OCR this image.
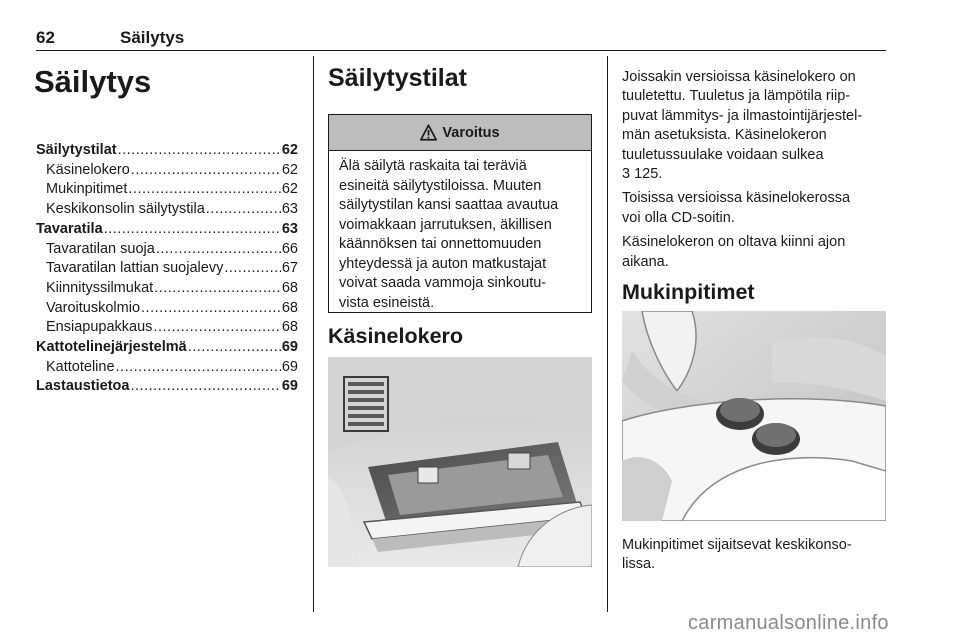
62	Säilytys
Säilytys
Säilytystilat .....	62
Käsinelokero .....	62
Mukinpitimet .....	62
Keskikonsolin säilytystila .....	63
Tavaratila .....	63
Tavaratilan suoja .....	66
Tavaratilan lattian suojalevy .....	67
Kiinnityssilmukat .....	68
Varoituskolmio .....	68
Ensiapupakkaus .....	68
Kattotelinejärjestelmä .....	69
Kattoteline .....	69
Lastaustietoa .....	69
Säilytystilat
Varoitus
Älä säilytä raskaita tai teräviä
esineitä säilytystiloissa. Muuten
säilytystilan kansi saattaa avautua
voimakkaan jarrutuksen, äkillisen
käännöksen tai onnettomuuden
yhteydessä ja auton matkustajat
voivat saada vammoja sinkoutu-
vista esineistä.
Käsinelokero

Joissakin versioissa käsinelokero on
tuuletettu. Tuuletus ja lämpötila riip-
puvat lämmitys- ja ilmastointijärjestel-
män asetuksista. Käsinelokeron
tuuletussuulake voidaan sulkea
3 125.

Toisissa versioissa käsinelokerossa
voi olla CD-soitin.

Käsinelokeron on oltava kiinni ajon
aikana.

Mukinpitimet
Mukinpitimet sijaitsevat keskikonso-
lissa.
carmanualsonline.info
